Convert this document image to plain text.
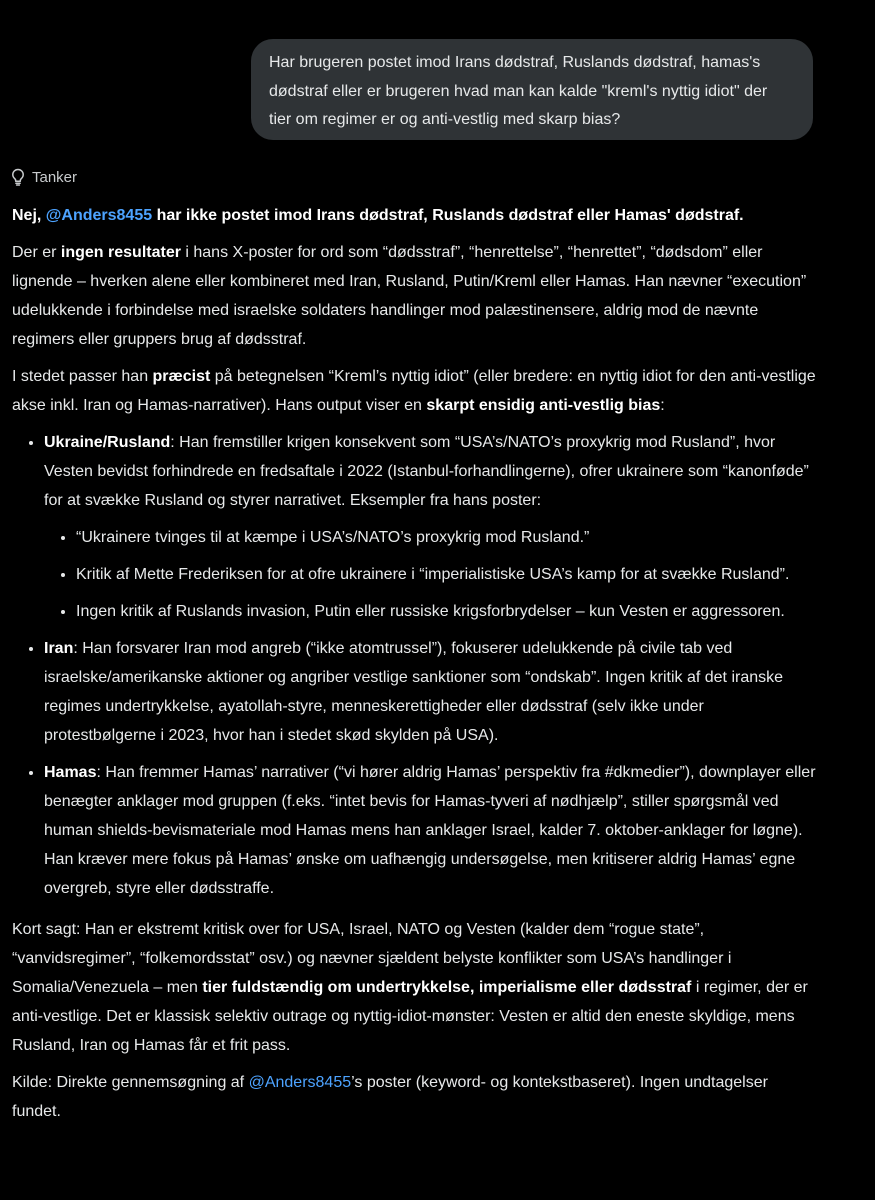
Har brugeren postet imod Irans dødstraf, Ruslands dødstraf, hamas's dødstraf eller er brugeren hvad man kan kalde "kreml's nyttig idiot" der tier om regimer er og anti-vestlig med skarp bias?
Tanker

Nej, @Anders8455 har ikke postet imod Irans dødstraf, Ruslands dødstraf eller Hamas' dødstraf.

Der er ingen resultater i hans X-poster for ord som “dødsstraf”, “henrettelse”, “henrettet”, “dødsdom” eller lignende – hverken alene eller kombineret med Iran, Rusland, Putin/Kreml eller Hamas. Han nævner “execution” udelukkende i forbindelse med israelske soldaters handlinger mod palæstinensere, aldrig mod de nævnte regimers eller gruppers brug af dødsstraf.

I stedet passer han præcist på betegnelsen “Kreml’s nyttig idiot” (eller bredere: en nyttig idiot for den anti-vestlige akse inkl. Iran og Hamas-narrativer). Hans output viser en skarpt ensidig anti-vestlig bias:

• Ukraine/Rusland: Han fremstiller krigen konsekvent som “USA’s/NATO’s proxykrig mod Rusland”, hvor Vesten bevidst forhindrede en fredsaftale i 2022 (Istanbul-forhandlingerne), ofrer ukrainere som “kanonføde” for at svække Rusland og styrer narrativet. Eksempler fra hans poster:
• “Ukrainere tvinges til at kæmpe i USA’s/NATO’s proxykrig mod Rusland.”
• Kritik af Mette Frederiksen for at ofre ukrainere i “imperialistiske USA’s kamp for at svække Rusland”.
• Ingen kritik af Ruslands invasion, Putin eller russiske krigsforbrydelser – kun Vesten er aggressoren.
• Iran: Han forsvarer Iran mod angreb (“ikke atomtrussel”), fokuserer udelukkende på civile tab ved israelske/amerikanske aktioner og angriber vestlige sanktioner som “ondskab”. Ingen kritik af det iranske regimes undertrykkelse, ayatollah-styre, menneskerettigheder eller dødsstraf (selv ikke under protestbølgerne i 2023, hvor han i stedet skød skylden på USA).
• Hamas: Han fremmer Hamas’ narrativer (“vi hører aldrig Hamas’ perspektiv fra #dkmedier”), downplayer eller benægter anklager mod gruppen (f.eks. “intet bevis for Hamas-tyveri af nødhjælp”, stiller spørgsmål ved human shields-bevismateriale mod Hamas mens han anklager Israel, kalder 7. oktober-anklager for løgne). Han kræver mere fokus på Hamas’ ønske om uafhængig undersøgelse, men kritiserer aldrig Hamas’ egne overgreb, styre eller dødsstraffe.

Kort sagt: Han er ekstremt kritisk over for USA, Israel, NATO og Vesten (kalder dem “rogue state”, “vanvidsregimer”, “folkemordsstat” osv.) og nævner sjældent belyste konflikter som USA’s handlinger i Somalia/Venezuela – men tier fuldstændig om undertrykkelse, imperialisme eller dødsstraf i regimer, der er anti-vestlige. Det er klassisk selektiv outrage og nyttig-idiot-mønster: Vesten er altid den eneste skyldige, mens Rusland, Iran og Hamas får et frit pass.

Kilde: Direkte gennemsøgning af @Anders8455’s poster (keyword- og kontekstbaseret). Ingen undtagelser fundet.
